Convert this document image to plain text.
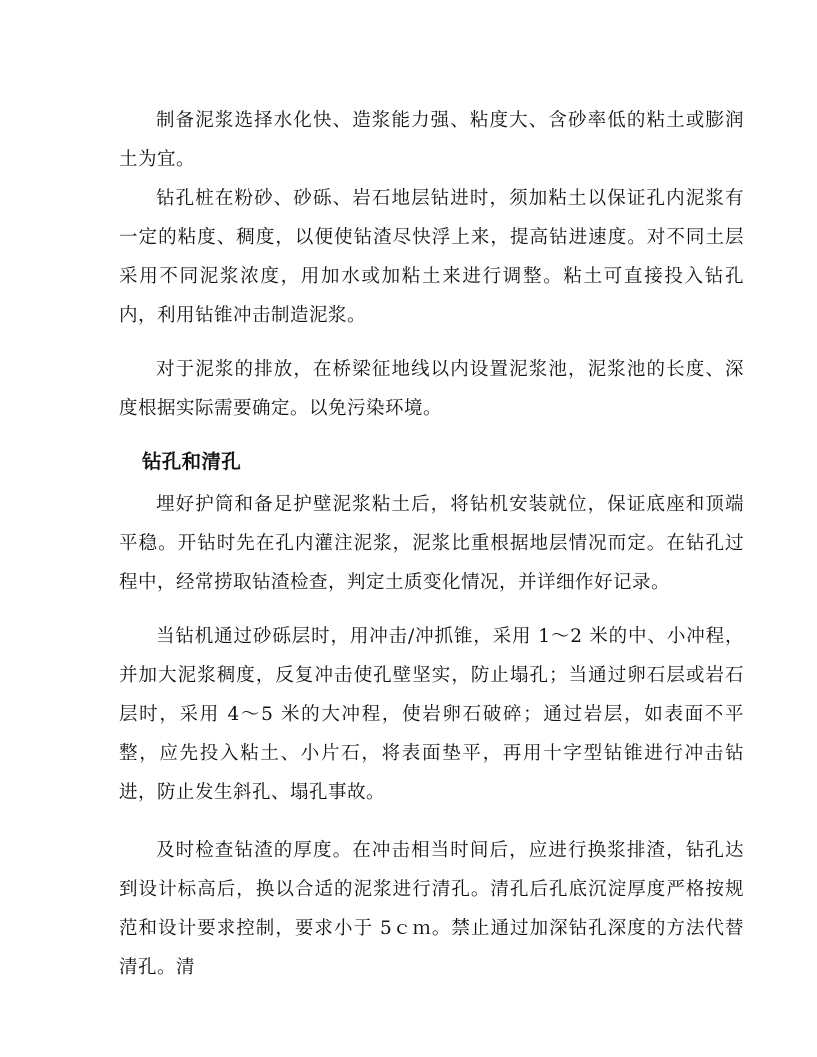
制备泥浆选择水化快、造浆能力强、粘度大、含砂率低的粘土或膨润土为宜。

钻孔桩在粉砂、砂砾、岩石地层钻进时，须加粘土以保证孔内泥浆有一定的粘度、稠度，以便使钻渣尽快浮上来，提高钻进速度。对不同土层采用不同泥浆浓度，用加水或加粘土来进行调整。粘土可直接投入钻孔内，利用钻锥冲击制造泥浆。

对于泥浆的排放，在桥梁征地线以内设置泥浆池，泥浆池的长度、深度根据实际需要确定。以免污染环境。

钻孔和清孔

埋好护筒和备足护壁泥浆粘土后，将钻机安装就位，保证底座和顶端平稳。开钻时先在孔内灌注泥浆，泥浆比重根据地层情况而定。在钻孔过程中，经常捞取钻渣检查，判定土质变化情况，并详细作好记录。

当钻机通过砂砾层时，用冲击/冲抓锥，采用 1～2 米的中、小冲程，并加大泥浆稠度，反复冲击使孔壁坚实，防止塌孔；当通过卵石层或岩石层时，采用 4～5 米的大冲程，使岩卵石破碎；通过岩层，如表面不平整，应先投入粘土、小片石，将表面垫平，再用十字型钻锥进行冲击钻进，防止发生斜孔、塌孔事故。

及时检查钻渣的厚度。在冲击相当时间后，应进行换浆排渣，钻孔达到设计标高后，换以合适的泥浆进行清孔。清孔后孔底沉淀厚度严格按规范和设计要求控制，要求小于 5ｃｍ。禁止通过加深钻孔深度的方法代替清孔。清
